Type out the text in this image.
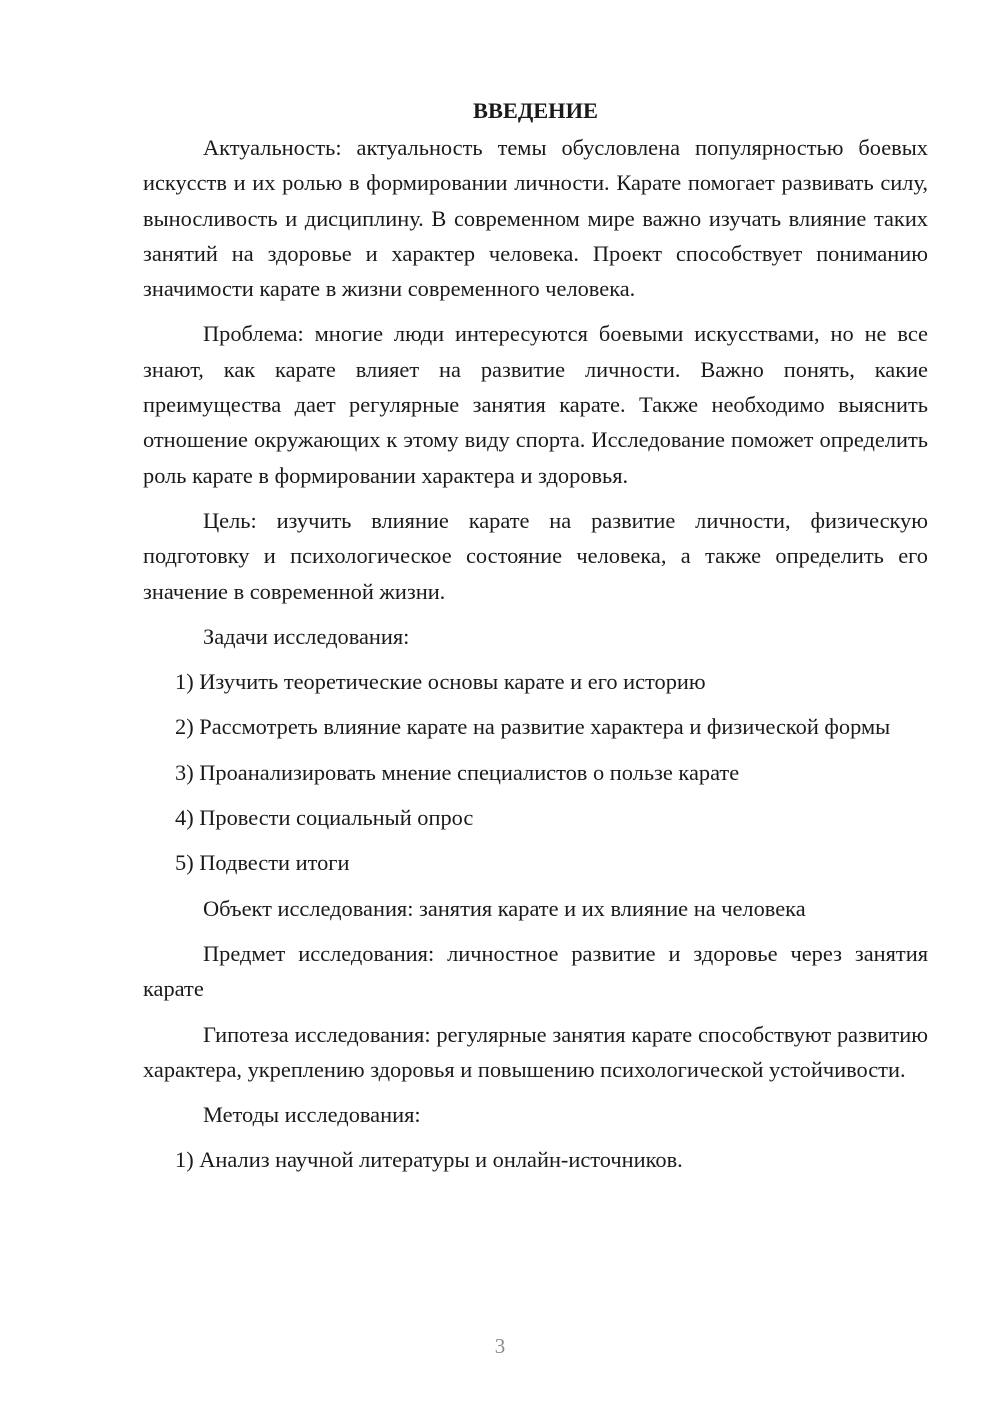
ВВЕДЕНИЕ

Актуальность: актуальность темы обусловлена популярностью боевых искусств и их ролью в формировании личности. Карате помогает развивать силу, выносливость и дисциплину. В современном мире важно изучать влияние таких занятий на здоровье и характер человека. Проект способствует пониманию значимости карате в жизни современного человека.

Проблема: многие люди интересуются боевыми искусствами, но не все знают, как карате влияет на развитие личности. Важно понять, какие преимущества дает регулярные занятия карате. Также необходимо выяснить отношение окружающих к этому виду спорта. Исследование поможет определить роль карате в формировании характера и здоровья.

Цель: изучить влияние карате на развитие личности, физическую подготовку и психологическое состояние человека, а также определить его значение в современной жизни.

Задачи исследования:

1) Изучить теоретические основы карате и его историю

2) Рассмотреть влияние карате на развитие характера и физической формы

3) Проанализировать мнение специалистов о пользе карате

4) Провести социальный опрос

5) Подвести итоги

Объект исследования: занятия карате и их влияние на человека

Предмет исследования: личностное развитие и здоровье через занятия карате

Гипотеза исследования: регулярные занятия карате способствуют развитию характера, укреплению здоровья и повышению психологической устойчивости.

Методы исследования:

1) Анализ научной литературы и онлайн-источников.

3
